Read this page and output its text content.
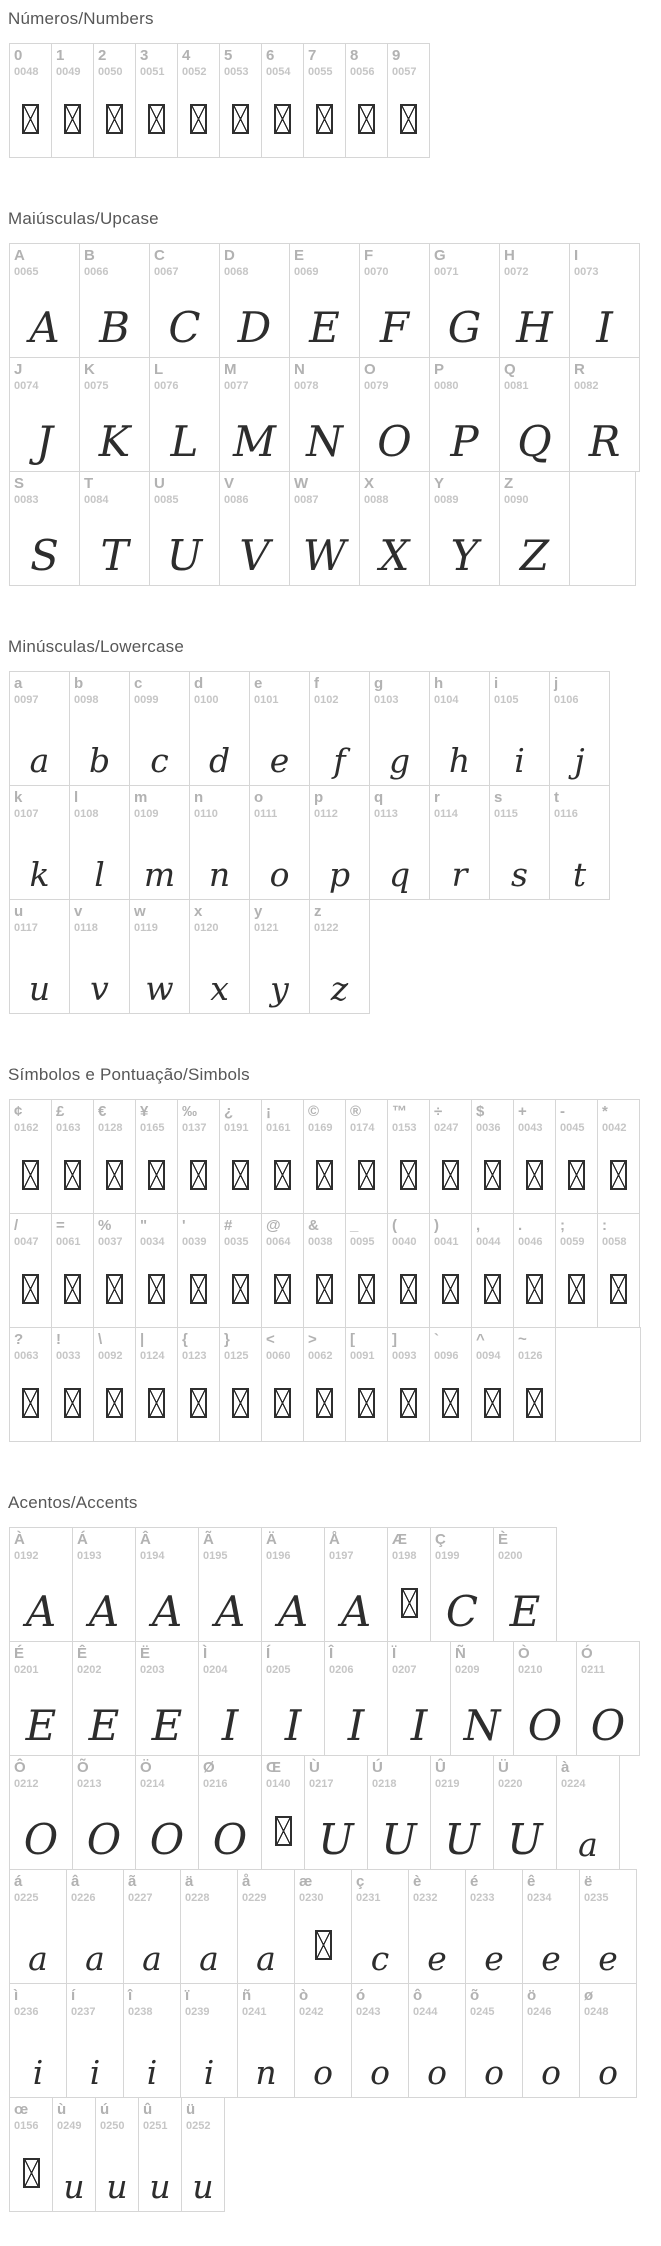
Números/Numbers
0
0048
1
0049
2
0050
3
0051
4
0052
5
0053
6
0054
7
0055
8
0056
9
0057
Maiúsculas/Upcase
A
0065
A
B
0066
B
C
0067
C
D
0068
D
E
0069
E
F
0070
F
G
0071
G
H
0072
H
I
0073
I
J
0074
J
K
0075
K
L
0076
L
M
0077
M
N
0078
N
O
0079
O
P
0080
P
Q
0081
Q
R
0082
R
S
0083
S
T
0084
T
U
0085
U
V
0086
V
W
0087
W
X
0088
X
Y
0089
Y
Z
0090
Z
Minúsculas/Lowercase
a
0097
a
b
0098
b
c
0099
c
d
0100
d
e
0101
e
f
0102
f
g
0103
g
h
0104
h
i
0105
i
j
0106
j
k
0107
k
l
0108
l
m
0109
m
n
0110
n
o
0111
o
p
0112
p
q
0113
q
r
0114
r
s
0115
s
t
0116
t
u
0117
u
v
0118
v
w
0119
w
x
0120
x
y
0121
y
z
0122
z
Símbolos e Pontuação/Simbols
¢
0162
£
0163
€
0128
¥
0165
‰
0137
¿
0191
¡
0161
©
0169
®
0174
™
0153
÷
0247
$
0036
+
0043
-
0045
*
0042
/
0047
=
0061
%
0037
"
0034
'
0039
#
0035
@
0064
&
0038
_
0095
(
0040
)
0041
,
0044
.
0046
;
0059
:
0058
?
0063
!
0033
\
0092
|
0124
{
0123
}
0125
<
0060
>
0062
[
0091
]
0093
`
0096
^
0094
~
0126
Acentos/Accents
À
0192
A
Á
0193
A
Â
0194
A
Ã
0195
A
Ä
0196
A
Å
0197
A
Æ
0198
Ç
0199
C
È
0200
E
É
0201
E
Ê
0202
E
Ë
0203
E
Ì
0204
I
Í
0205
I
Î
0206
I
Ï
0207
I
Ñ
0209
N
Ò
0210
O
Ó
0211
O
Ô
0212
O
Õ
0213
O
Ö
0214
O
Ø
0216
O
Œ
0140
Ù
0217
U
Ú
0218
U
Û
0219
U
Ü
0220
U
à
0224
a
á
0225
a
â
0226
a
ã
0227
a
ä
0228
a
å
0229
a
æ
0230
ç
0231
c
è
0232
e
é
0233
e
ê
0234
e
ë
0235
e
ì
0236
i
í
0237
i
î
0238
i
ï
0239
i
ñ
0241
n
ò
0242
o
ó
0243
o
ô
0244
o
õ
0245
o
ö
0246
o
ø
0248
o
œ
0156
ù
0249
u
ú
0250
u
û
0251
u
ü
0252
u
